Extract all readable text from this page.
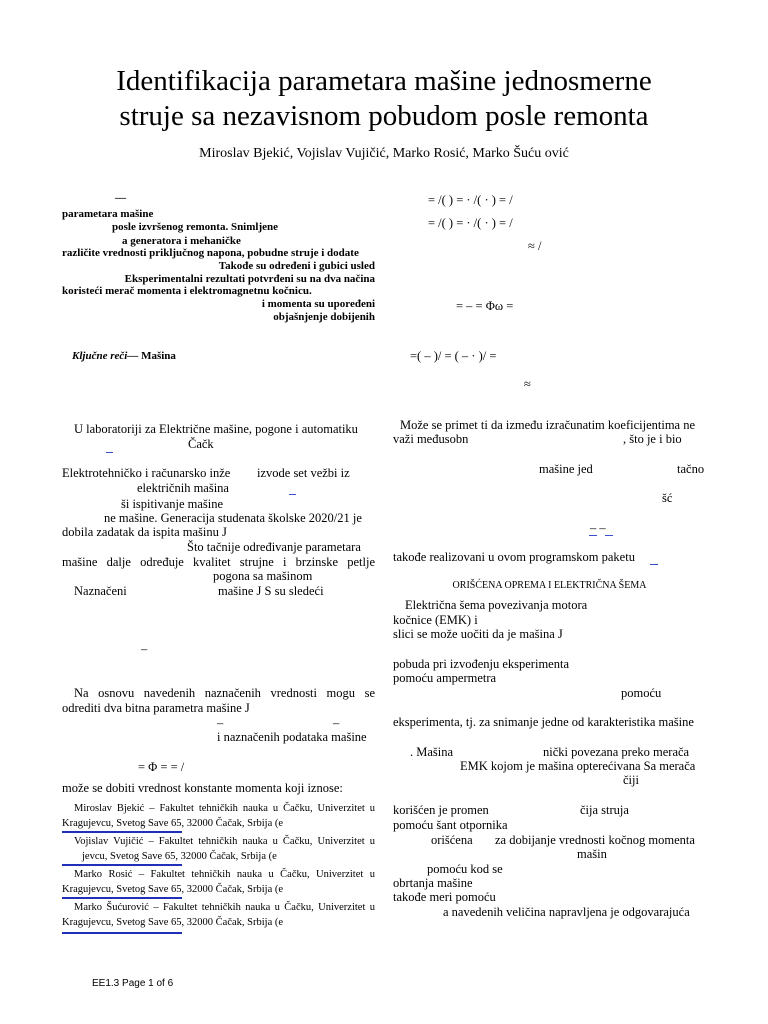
Identifikacija parametara mašine jednosmerne
struje sa nezavisnom pobudom posle remonta
Miroslav Bjekić, Vojislav Vujičić, Marko Rosić, Marko Šuću ović
—
parametara mašine
posle izvršenog remonta. Snimljene
a generatora i mehaničke
različite vrednosti priključnog napona, pobudne struje i dodate
Takođe su određeni i gubici usled
Eksperimentalni rezultati potvrđeni su na dva načina
koristeći merač momenta i elektromagnetnu kočnicu.
i momenta su upoređeni
objašnjenje dobijenih
Ključne reči— Mašina
U laboratoriji za Električne mašine, pogone i automatiku
Čačk
Elektrotehničko i računarsko inže izvode set vežbi iz
električnih mašina
ši ispitivanje mašine
ne mašine. Generacija studenata školske 2020/21 je
dobila zadatak da ispita mašinu J
Što tačnije određivanje parametara
mašine dalje određuje kvalitet strujne i brzinske petlje
pogona sa mašinom
Naznačeni	mašine J S su sledeći
–
Na osnovu navedenih naznačenih vrednosti mogu se
odrediti dva bitna parametra mašine J
–	–
i naznačenih podataka mašine
= Φ = = /
može se dobiti vrednost konstante momenta koji iznose:
Miroslav Bjekić – Fakultet tehničkih nauka u Čačku, Univerzitet u
Kragujevcu, Svetog Save 65, 32000 Čačak, Srbija (e
Vojislav Vujičić – Fakultet tehničkih nauka u Čačku, Univerzitet u
jevcu, Svetog Save 65, 32000 Čačak, Srbija (e
Marko Rosić – Fakultet tehničkih nauka u Čačku, Univerzitet u
Kragujevcu, Svetog Save 65, 32000 Čačak, Srbija (e
Marko Šućurović – Fakultet tehničkih nauka u Čačku, Univerzitet u
Kragujevcu, Svetog Save 65, 32000 Čačak, Srbija (e
= /( ) = · /( · ) = /
= /( ) = · /( · ) = /
≈ /
= – = Φω =
=( – )/ = ( – · )/ =
≈
Može se primet ti da između izračunatim koeficijentima ne
važi međusobn	, što je i bio
mašine jed	tačno
šć
– –
takođe realizovani u ovom programskom paketu
ORIŠĆENA OPREMA I ELEKTRIČNA ŠEMA
Električna šema povezivanja motora
kočnice (EMK) i
slici se može uočiti da je mašina J
pobuda pri izvođenju eksperimenta
pomoću ampermetra
pomoću
eksperimenta, tj. za snimanje jedne od karakteristika mašine
. Mašina	nički povezana preko merača
EMK kojom je mašina opterećivana Sa merača
čiji
korišćen je promen	čija struja
pomoću šant otpornika
orišćena za dobijanje vrednosti kočnog momenta
mašin
pomoću kod se
obrtanja mašine
takođe meri pomoću
a navedenih veličina napravljena je odgovarajuća
EE1.3 Page 1 of 6
